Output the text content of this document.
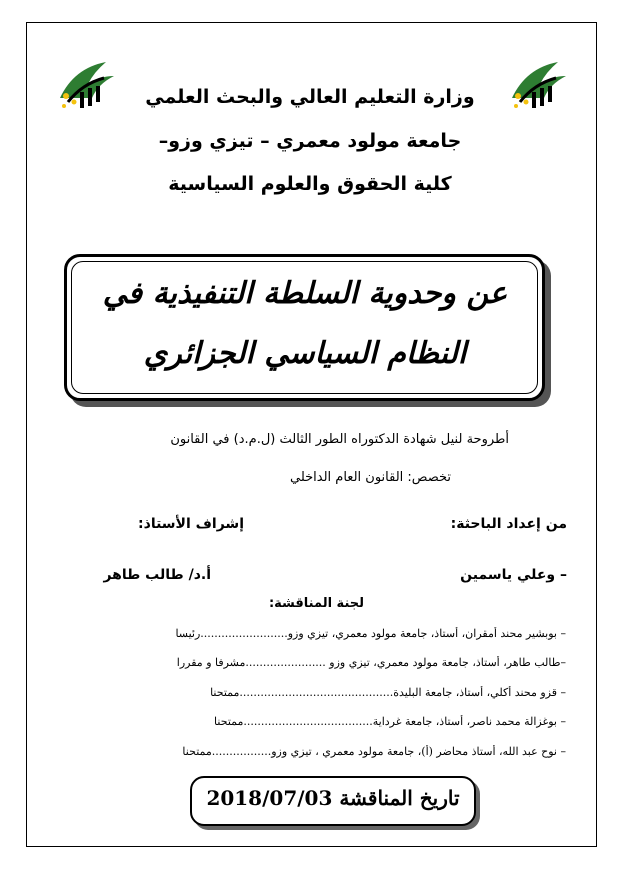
وزارة التعليم العالي والبحث العلمي
جامعة مولود معمري – تيزي وزو–
كلية الحقوق والعلوم السياسية
عن وحدوية السلطة التنفيذية في
النظام السياسي الجزائري
أطروحة لنيل شهادة الدكتوراه الطور الثالث (ل.م.د) في القانون
تخصص: القانون العام الداخلي
من إعداد الباحثة:
إشراف الأستاذ:
– وعلي ياسمين
أ.د/ طالب طاهر
لجنة المناقشة:
– بوبشير محند أمقران، أستاذ، جامعة مولود معمري، تيزي وزو.........................رئيسا
–طالب طاهر، أستاذ، جامعة مولود معمري، تيزي وزو .......................مشرفا و مقررا
– قزو محند أكلي، أستاذ، جامعة البليدة............................................ممتحنا
– بوغزالة محمد ناصر، أستاذ، جامعة غرداية.....................................ممتحنا
– نوح عبد الله، أستاذ محاضر (أ)، جامعة مولود معمري ، تيزي وزو.................ممتحنا
تاريخ المناقشة 2018/07/03
